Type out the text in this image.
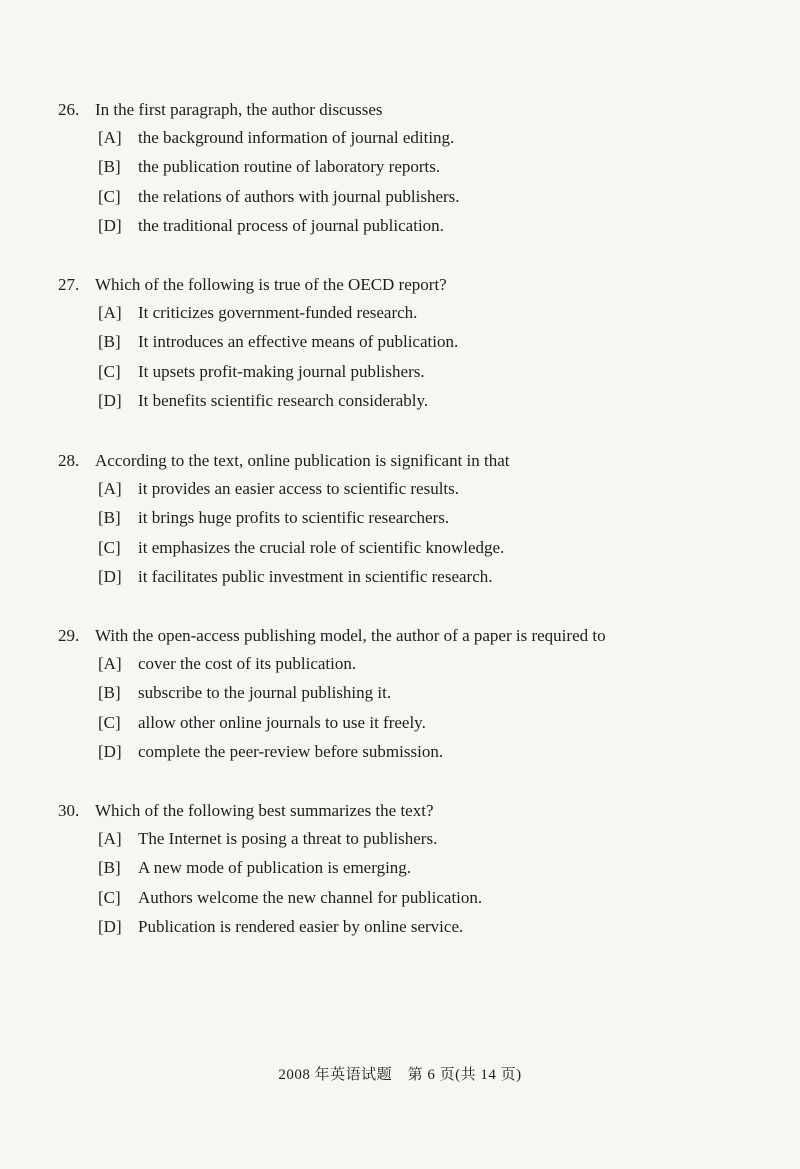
26. In the first paragraph, the author discusses
[A] the background information of journal editing.
[B] the publication routine of laboratory reports.
[C] the relations of authors with journal publishers.
[D] the traditional process of journal publication.
27. Which of the following is true of the OECD report?
[A] It criticizes government-funded research.
[B] It introduces an effective means of publication.
[C] It upsets profit-making journal publishers.
[D] It benefits scientific research considerably.
28. According to the text, online publication is significant in that
[A] it provides an easier access to scientific results.
[B] it brings huge profits to scientific researchers.
[C] it emphasizes the crucial role of scientific knowledge.
[D] it facilitates public investment in scientific research.
29. With the open-access publishing model, the author of a paper is required to
[A] cover the cost of its publication.
[B] subscribe to the journal publishing it.
[C] allow other online journals to use it freely.
[D] complete the peer-review before submission.
30. Which of the following best summarizes the text?
[A] The Internet is posing a threat to publishers.
[B] A new mode of publication is emerging.
[C] Authors welcome the new channel for publication.
[D] Publication is rendered easier by online service.
2008 年英语试题　第 6 页(共 14 页)
